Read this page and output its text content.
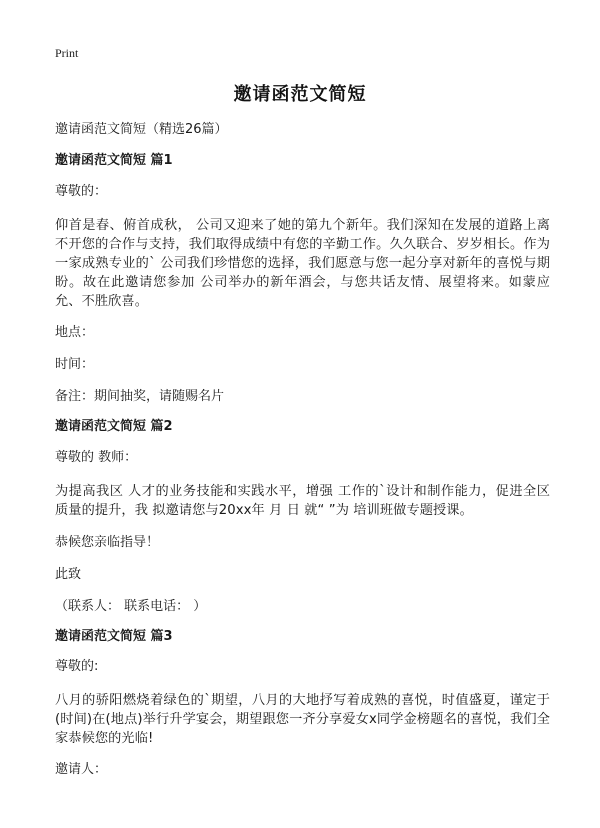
Print
邀请函范文简短

邀请函范文简短（精选26篇）

邀请函范文简短 篇1

尊敬的：

仰首是春、俯首成秋， 公司又迎来了她的第九个新年。我们深知在发展的道路上离不开您的合作与支持，我们取得成绩中有您的辛勤工作。久久联合、岁岁相长。作为一家成熟专业的` 公司我们珍惜您的选择，我们愿意与您一起分享对新年的喜悦与期盼。故在此邀请您参加 公司举办的新年酒会，与您共话友情、展望将来。如蒙应允、不胜欣喜。

地点：

时间：

备注：期间抽奖，请随赐名片

邀请函范文简短 篇2

尊敬的 教师：

为提高我区 人才的业务技能和实践水平，增强 工作的`设计和制作能力，促进全区 质量的提升，我 拟邀请您与20xx年 月 日 就“ ”为 培训班做专题授课。

恭候您亲临指导！

此致

（联系人： 联系电话： ）

邀请函范文简短 篇3

尊敬的:

八月的骄阳燃烧着绿色的`期望，八月的大地抒写着成熟的喜悦，时值盛夏，谨定于(时间)在(地点)举行升学宴会，期望跟您一齐分享爱女x同学金榜题名的喜悦，我们全家恭候您的光临!

邀请人：
